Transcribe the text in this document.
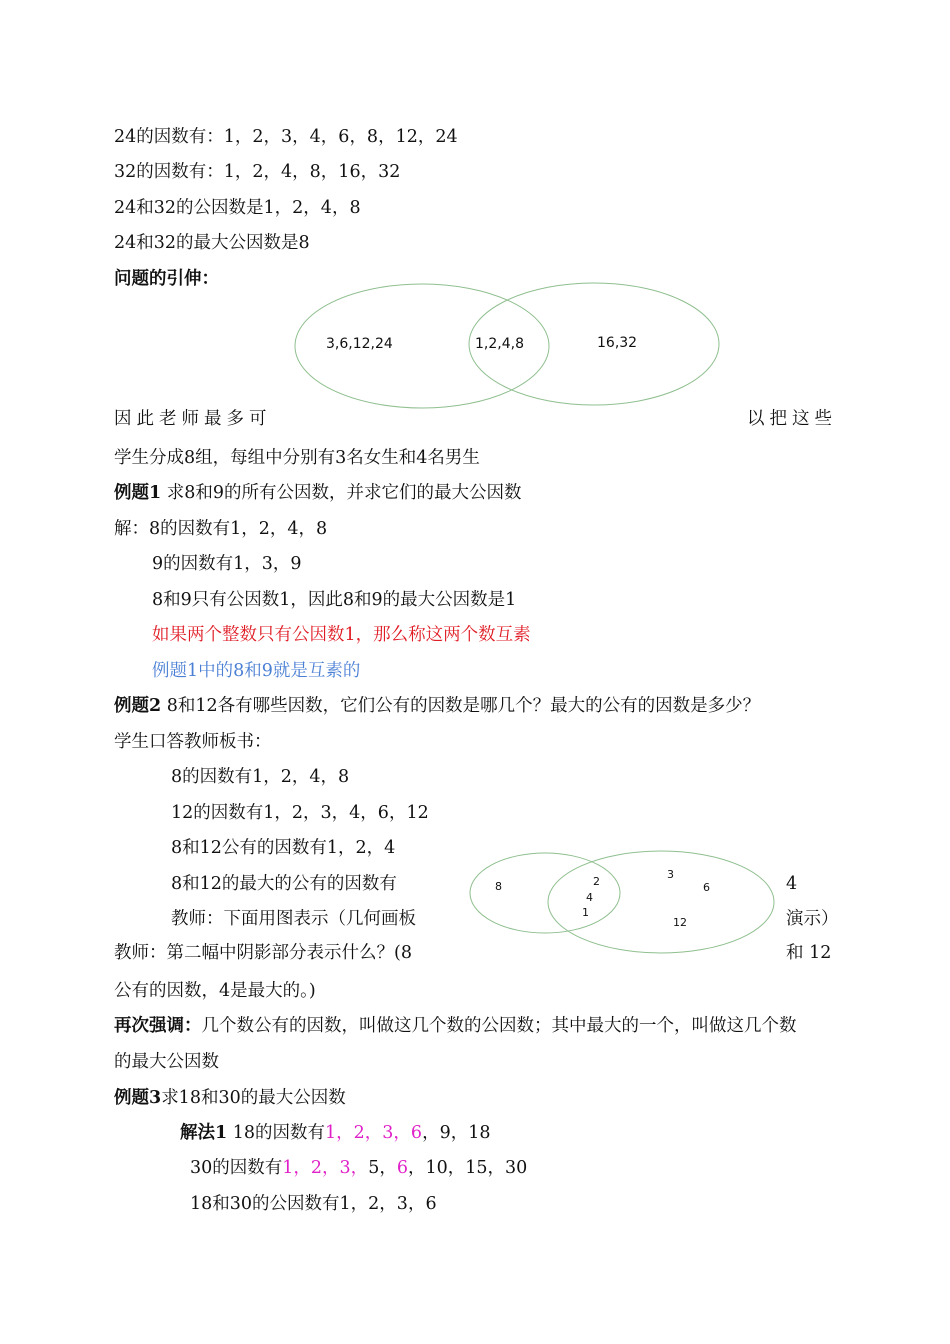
24的因数有：1，2，3，4，6，8，12，24
32的因数有：1，2，4，8，16，32
24和32的公因数是1，2，4，8
24和32的最大公因数是8
问题的引伸：
3,6,12,24	1,2,4,8	16,32
因此老师最多可	以把这些
学生分成8组，每组中分别有3名女生和4名男生
例题1 求8和9的所有公因数，并求它们的最大公因数
解：8的因数有1，2，4，8
9的因数有1，3，9
8和9只有公因数1，因此8和9的最大公因数是1
如果两个整数只有公因数1，那么称这两个数互素
例题1中的8和9就是互素的
例题2 8和12各有哪些因数，它们公有的因数是哪几个？最大的公有的因数是多少？
学生口答教师板书：
8的因数有1，2，4，8
12的因数有1，2，3，4，6，12
8和12公有的因数有1，2，4
8和12的最大的公有的因数有	4
教师：下面用图表示（几何画板	演示）
教师：第二幅中阴影部分表示什么？(8	和 12
公有的因数，4是最大的。)
8	2
4
1
3
6
12
再次强调：几个数公有的因数，叫做这几个数的公因数；其中最大的一个，叫做这几个数
的最大公因数
例题3求18和30的最大公因数
解法1 18的因数有1，2，3，6，9，18
30的因数有1，2，3，5，6，10，15，30
18和30的公因数有1，2，3，6
